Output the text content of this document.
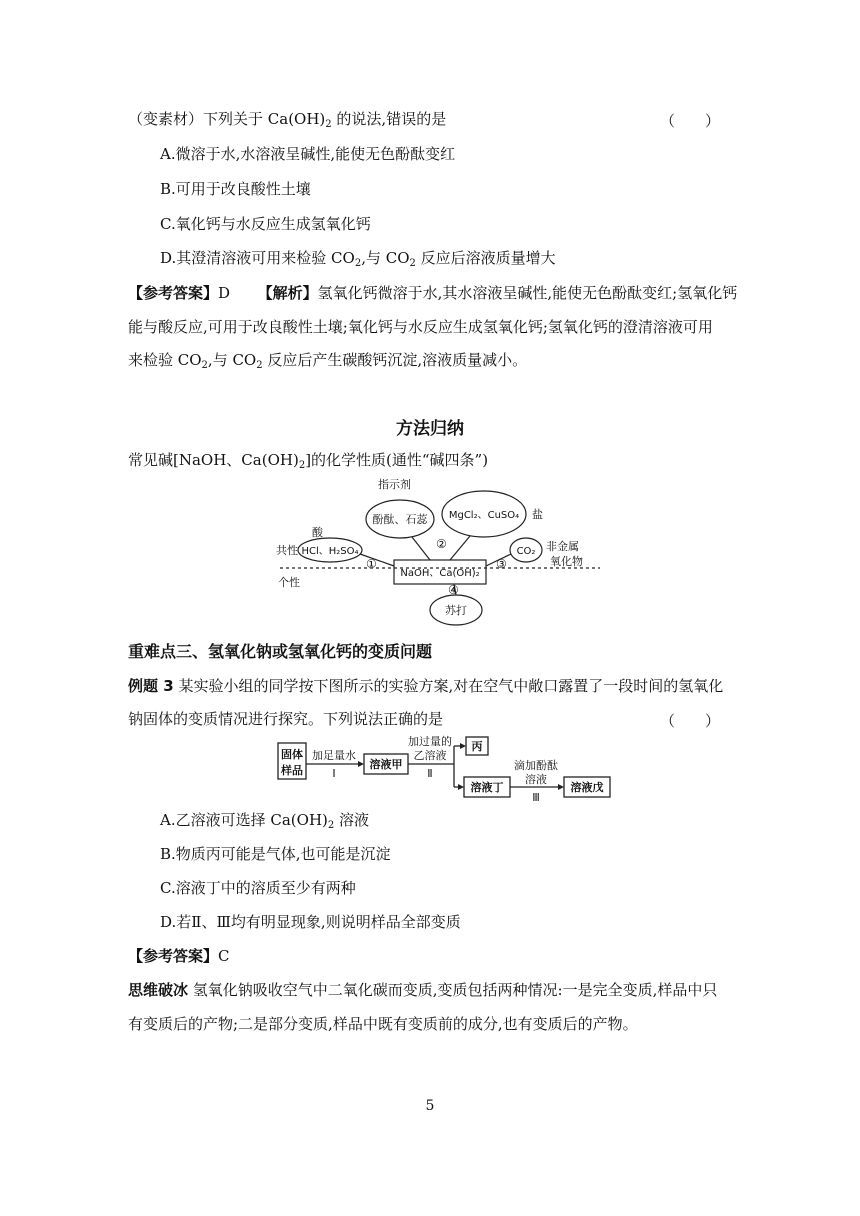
（变素材）下列关于 $Ca(OH)_2$ 的说法,错误的是	（　　）
A.微溶于水,水溶液呈碱性,能使无色酚酞变红
B.可用于改良酸性土壤
C.氧化钙与水反应生成氢氧化钙
D.其澄清溶液可用来检验 $CO_2$,与 $CO_2$ 反应后溶液质量增大
【参考答案】D 【解析】氢氧化钙微溶于水,其水溶液呈碱性,能使无色酚酞变红;氢氧化钙
能与酸反应,可用于改良酸性土壤;氧化钙与水反应生成氢氧化钙;氢氧化钙的澄清溶液可用
来检验 $CO_2$,与 $CO_2$ 反应后产生碳酸钙沉淀,溶液质量减小。
方法归纳
常见碱[NaOH、$Ca(OH)_2$]的化学性质(通性“碱四条”)
指示剂
酚酞、石蕊 MgCl₂、CuSO₄ 盐
酸
共性 HCl、H₂SO₄	CO₂ 非金属
氧化物
NaOH、Ca(OH)₂
个性
苏打
①
②
③
④
重难点三、氢氧化钠或氢氧化钙的变质问题
例题 3 某实验小组的同学按下图所示的实验方案,对在空气中敞口露置了一段时间的氢氧化
钠固体的变质情况进行探究。下列说法正确的是	（　　）
固体
样品
加足量水
Ⅰ
溶液甲
加过量的
乙溶液
Ⅱ
丙
溶液丁
滴加酚酞
溶液
Ⅲ
溶液戊
A.乙溶液可选择 $Ca(OH)_2$ 溶液
B.物质丙可能是气体,也可能是沉淀
C.溶液丁中的溶质至少有两种
D.若Ⅱ、Ⅲ均有明显现象,则说明样品全部变质
【参考答案】C
思维破冰 氢氧化钠吸收空气中二氧化碳而变质,变质包括两种情况:一是完全变质,样品中只
有变质后的产物;二是部分变质,样品中既有变质前的成分,也有变质后的产物。
5
